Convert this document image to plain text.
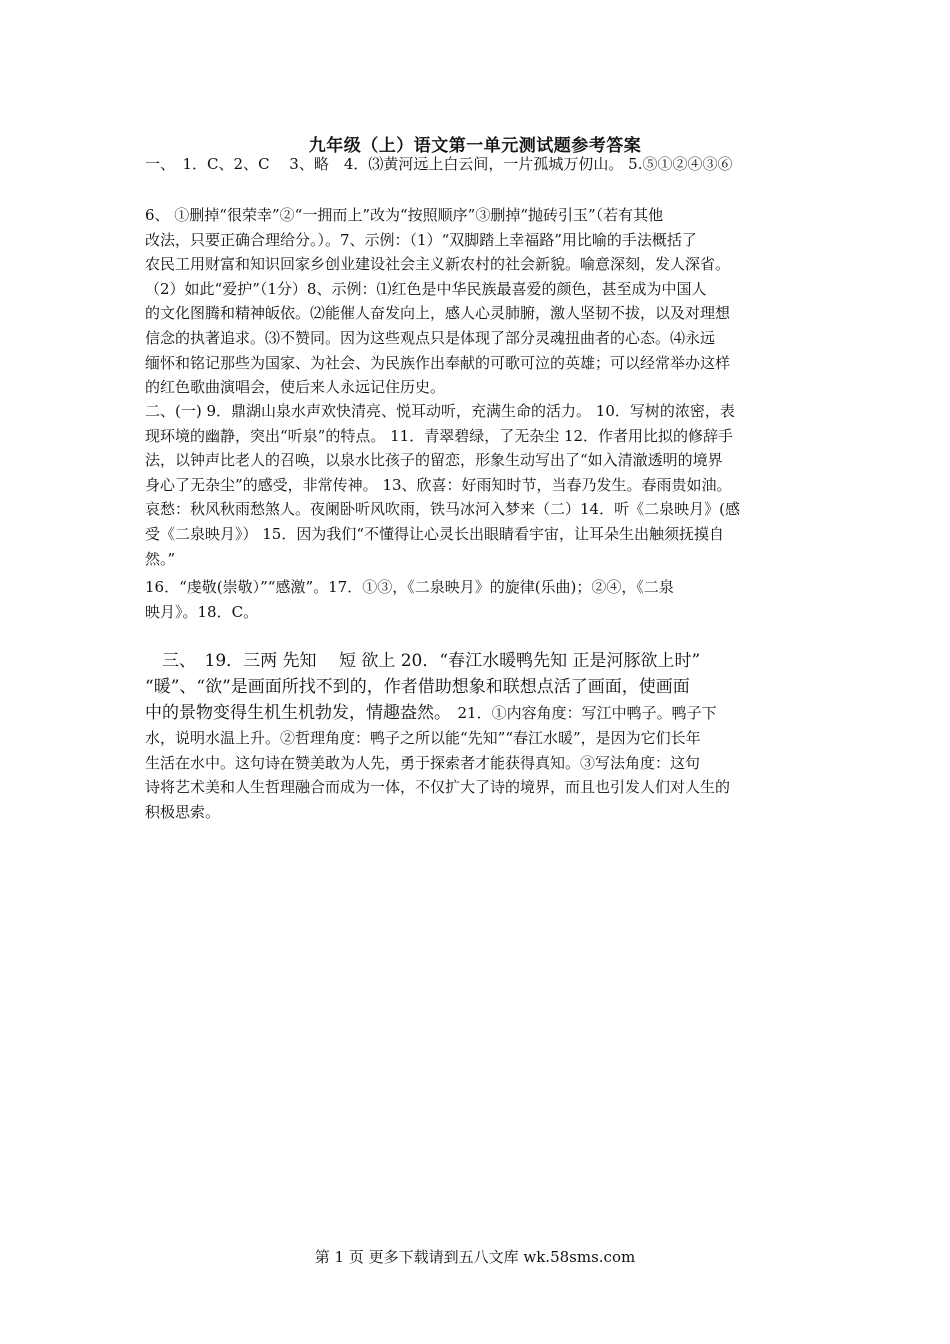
九年级（上）语文第一单元测试题参考答案
一、　1．C、2、C　 3、略　4．⑶黄河远上白云间，一片孤城万仞山。 5.⑤①②④③⑥
6、 ①删掉“很荣幸”②“一拥而上”改为“按照顺序”③删掉“抛砖引玉”（若有其他
改法，只要正确合理给分。）。7、示例：（1）“双脚踏上幸福路”用比喻的手法概括了
农民工用财富和知识回家乡创业建设社会主义新农村的社会新貌。喻意深刻，发人深省。
（2）如此“爱护”（1分）8、示例：⑴红色是中华民族最喜爱的颜色，甚至成为中国人
的文化图腾和精神皈依。⑵能催人奋发向上，感人心灵肺腑，激人坚韧不拔，以及对理想
信念的执著追求。⑶不赞同。因为这些观点只是体现了部分灵魂扭曲者的心态。⑷永远
缅怀和铭记那些为国家、为社会、为民族作出奉献的可歌可泣的英雄；可以经常举办这样
的红色歌曲演唱会，使后来人永远记住历史。
二、(一) 9．鼎湖山泉水声欢快清亮、悦耳动听，充满生命的活力。 10．写树的浓密，表
现环境的幽静，突出“听泉”的特点。 11．青翠碧绿，了无杂尘 12．作者用比拟的修辞手
法，以钟声比老人的召唤，以泉水比孩子的留恋，形象生动写出了“如入清澈透明的境界
身心了无杂尘”的感受，非常传神。 13、欣喜：好雨知时节，当春乃发生。春雨贵如油。
哀愁：秋风秋雨愁煞人。夜阑卧听风吹雨，铁马冰河入梦来（二）14．听《二泉映月》(感
受《二泉映月》） 15．因为我们“不懂得让心灵长出眼睛看宇宙，让耳朵生出触须抚摸自
然。”
16．“虔敬(崇敬）”“感激”。17．①③，《二泉映月》的旋律(乐曲)；②④，《二泉
映月》。18．C。
　三、　19．三两 先知　 短 欲上 20．“春江水暖鸭先知 正是河豚欲上时”
“暖”、“欲”是画面所找不到的，作者借助想象和联想点活了画面，使画面
中的景物变得生机生机勃发，情趣盎然。　21．①内容角度：写江中鸭子。鸭子下
水，说明水温上升。②哲理角度：鸭子之所以能“先知”“春江水暖”，是因为它们长年
生活在水中。这句诗在赞美敢为人先，勇于探索者才能获得真知。③写法角度：这句
诗将艺术美和人生哲理融合而成为一体，不仅扩大了诗的境界，而且也引发人们对人生的
积极思索。
第 1 页 更多下载请到五八文库 wk.58sms.com
